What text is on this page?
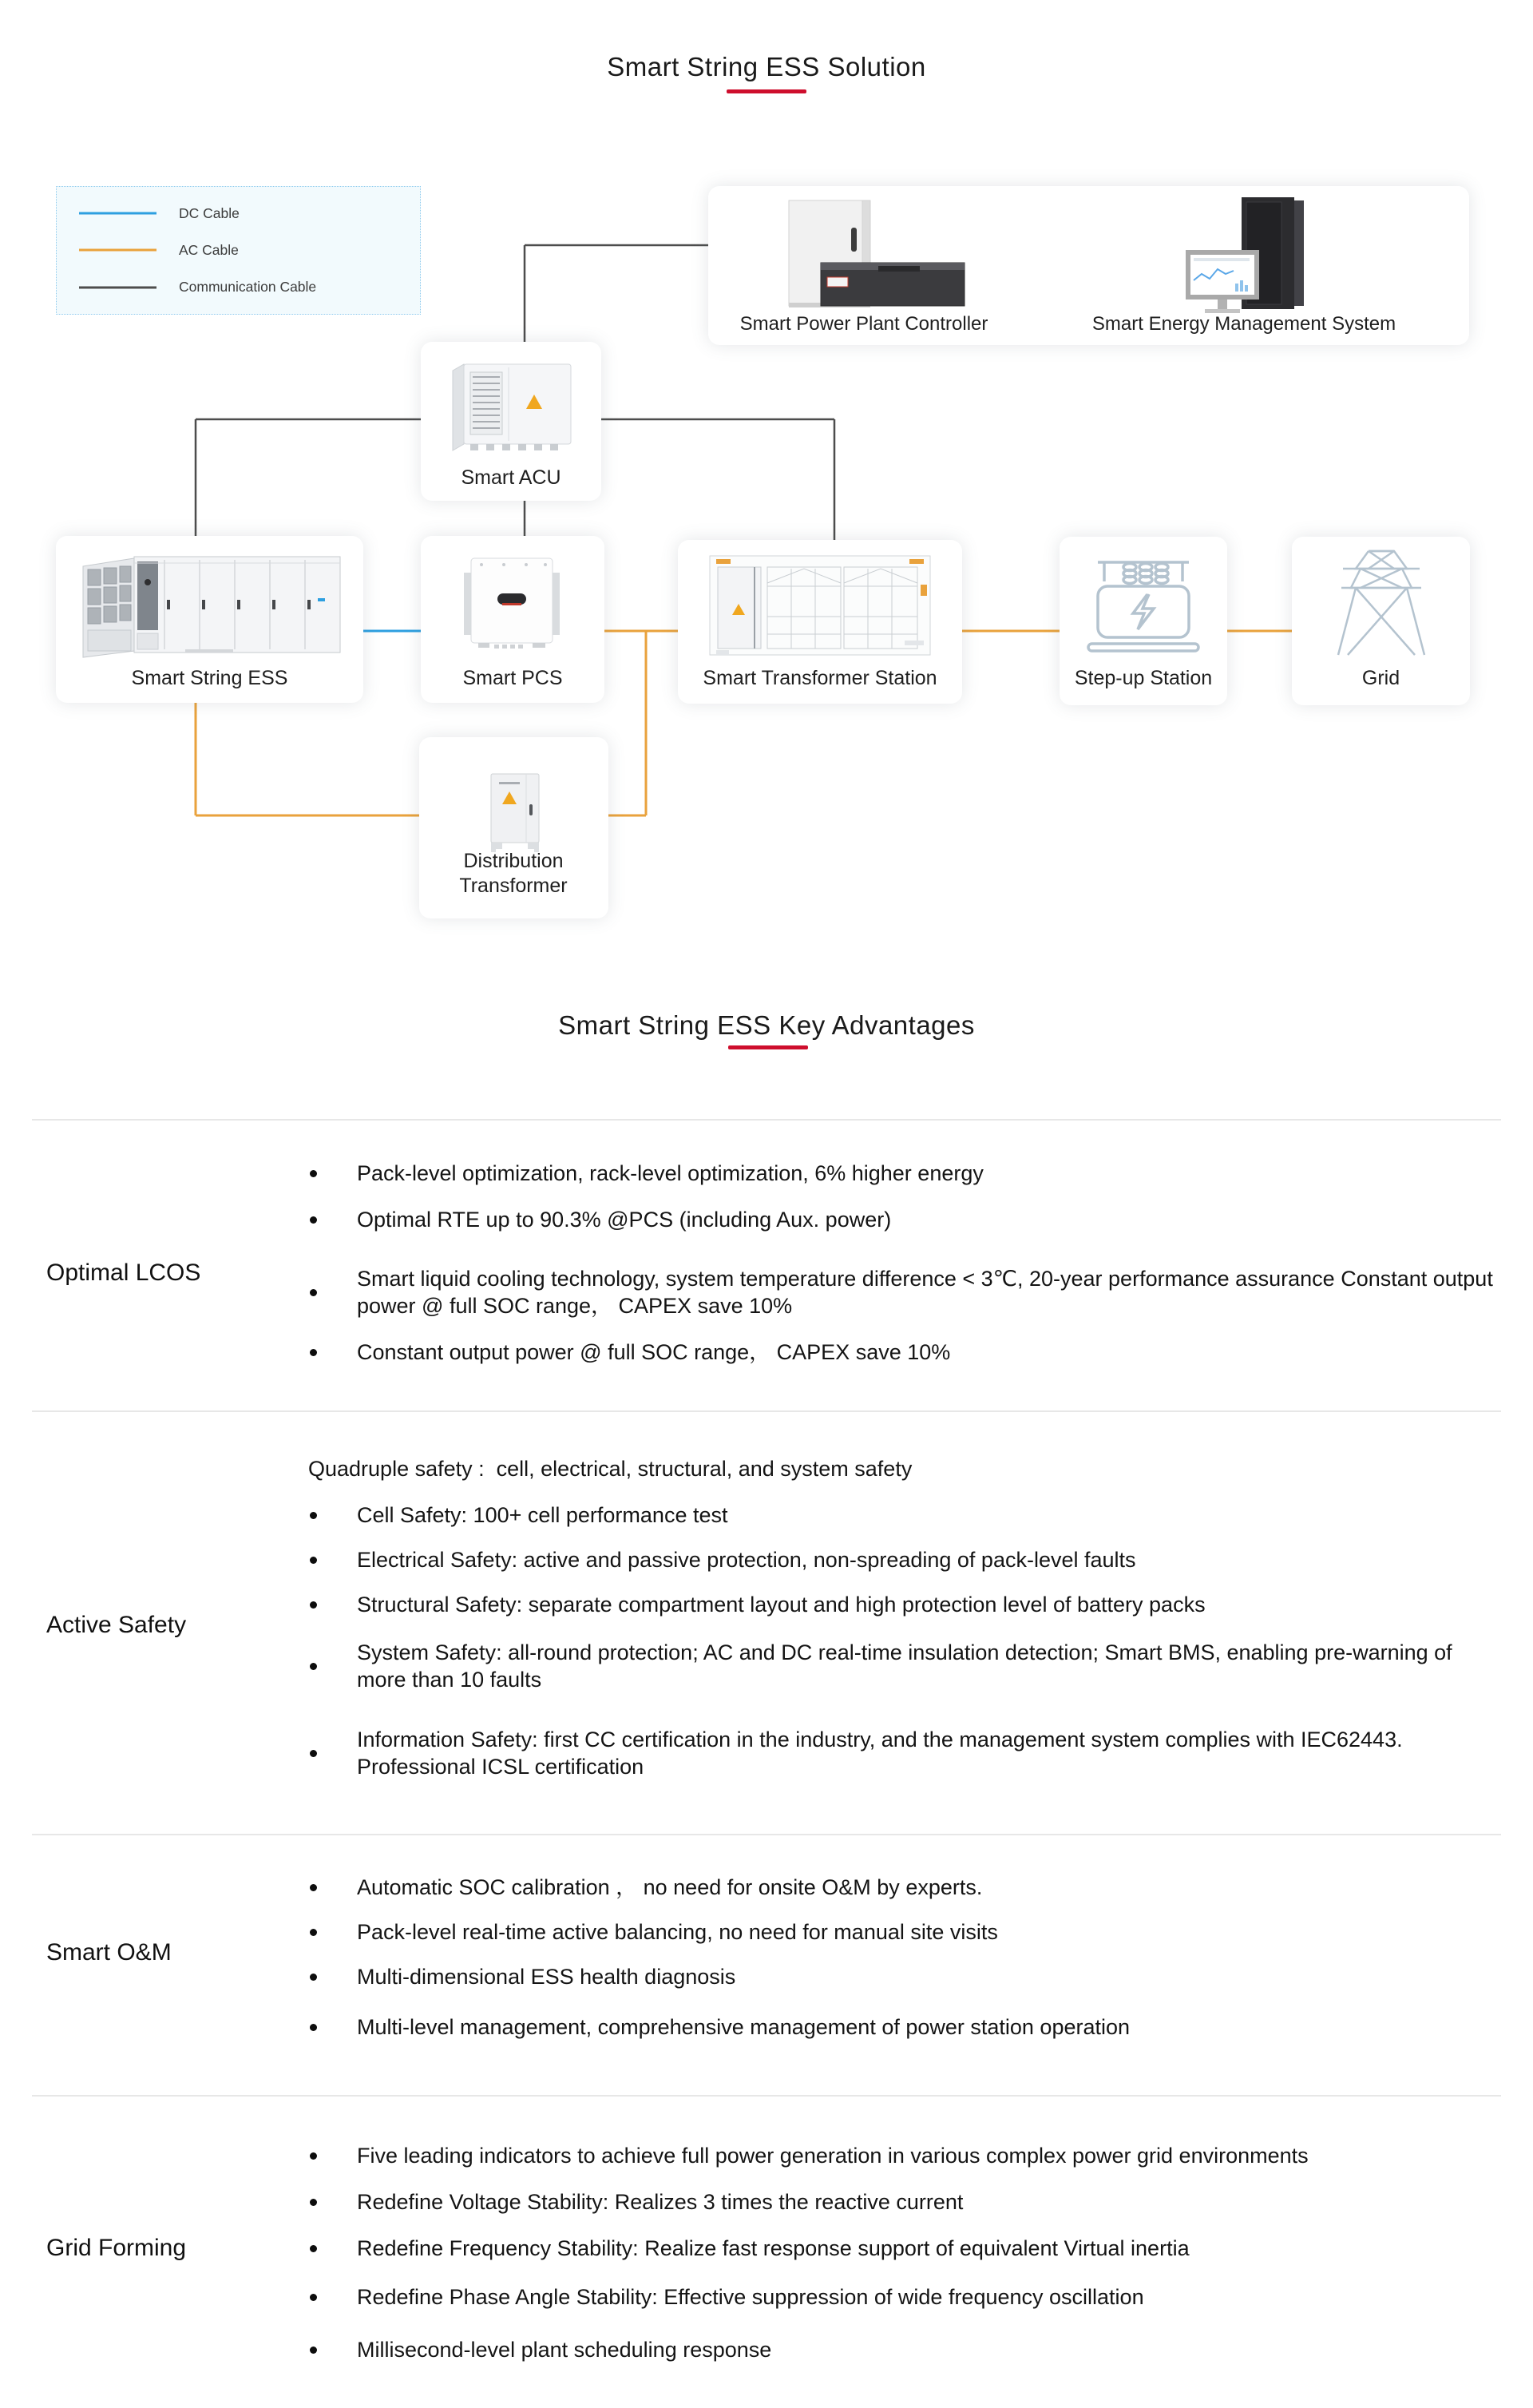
Smart String ESS Solution
DC Cable
AC Cable
Communication Cable
Smart Power Plant Controller	Smart Energy Management System
Smart ACU
Smart String ESS	Smart PCS	Smart Transformer Station	Step-up Station	Grid
Distribution Transformer
Smart String ESS Key Advantages
Optimal LCOS
Pack-level optimization, rack-level optimization, 6% higher energy
Optimal RTE up to 90.3% @PCS (including Aux. power)
Smart liquid cooling technology, system temperature difference < 3℃, 20-year performance assurance Constant output power @ full SOC range， CAPEX save 10%
Constant output power @ full SOC range， CAPEX save 10%
Active Safety
Quadruple safety :  cell, electrical, structural, and system safety
Cell Safety: 100+ cell performance test
Electrical Safety: active and passive protection, non-spreading of pack-level faults
Structural Safety: separate compartment layout and high protection level of battery packs
System Safety: all-round protection; AC and DC real-time insulation detection; Smart BMS, enabling pre-warning of more than 10 faults
Information Safety: first CC certification in the industry, and the management system complies with IEC62443. Professional ICSL certification
Smart O&M
Automatic SOC calibration ， no need for onsite O&M by experts.
Pack-level real-time active balancing, no need for manual site visits
Multi-dimensional ESS health diagnosis
Multi-level management, comprehensive management of power station operation
Grid Forming
Five leading indicators to achieve full power generation in various complex power grid environments
Redefine Voltage Stability: Realizes 3 times the reactive current
Redefine Frequency Stability: Realize fast response support of equivalent Virtual inertia
Redefine Phase Angle Stability: Effective suppression of wide frequency oscillation
Millisecond-level plant scheduling response
